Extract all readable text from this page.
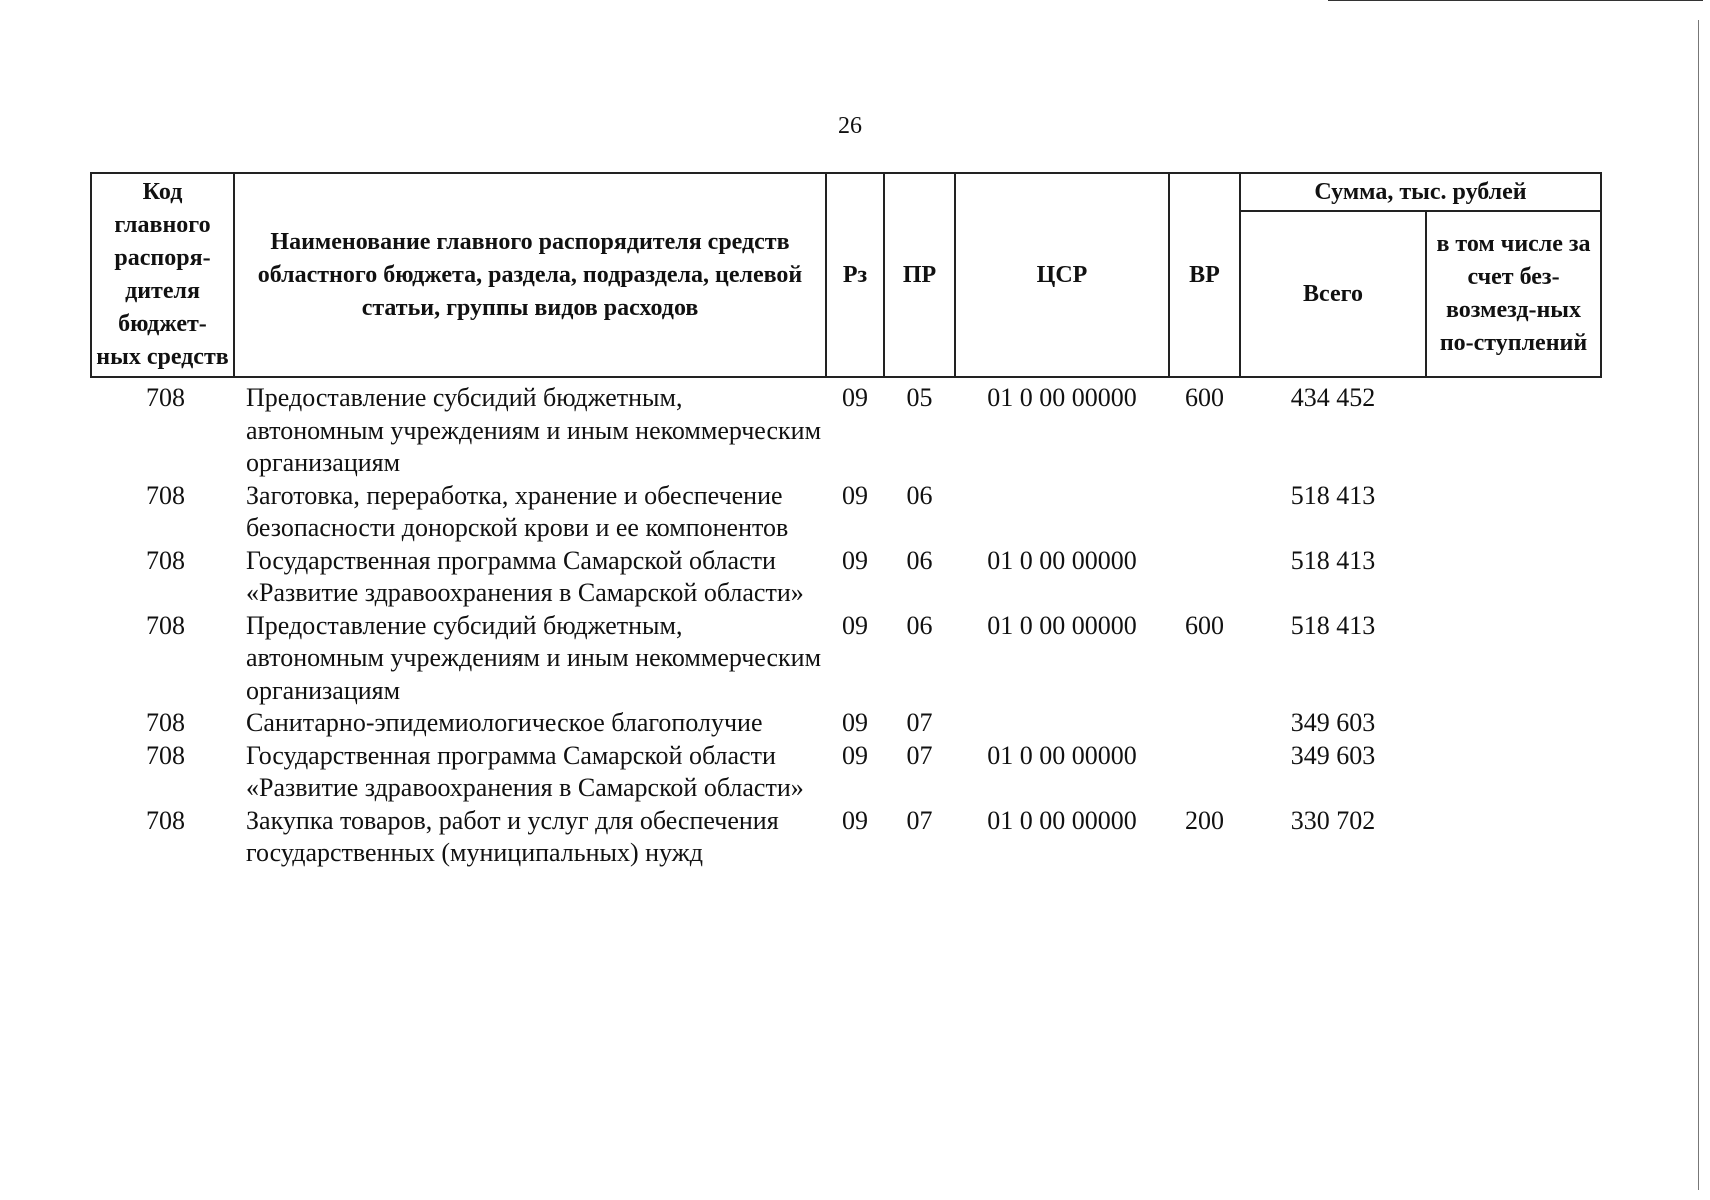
26
Код главного распоря-дителя бюджет-ных средств	Наименование главного распорядителя средств областного бюджета, раздела, подраздела, целевой статьи, группы видов расходов	Рз	ПР	ЦСР	ВР	Сумма, тыс. рублей	
						Всего	в том числе за счет без-возмезд-ных по-ступлений
708	Предоставление субсидий бюджетным, автономным учреждениям и иным некоммерческим организациям	09	05	01 0 00 00000	600	434 452	
708	Заготовка, переработка, хранение и обеспечение безопасности донорской крови и ее компонентов	09	06			518 413	
708	Государственная программа Самарской области «Развитие здравоохранения в Самарской области»	09	06	01 0 00 00000		518 413	
708	Предоставление субсидий бюджетным, автономным учреждениям и иным некоммерческим организациям	09	06	01 0 00 00000	600	518 413	
708	Санитарно-эпидемиологическое благополучие	09	07			349 603	
708	Государственная программа Самарской области «Развитие здравоохранения в Самарской области»	09	07	01 0 00 00000		349 603	
708	Закупка товаров, работ и услуг для обеспечения государственных (муниципальных) нужд	09	07	01 0 00 00000	200	330 702	
